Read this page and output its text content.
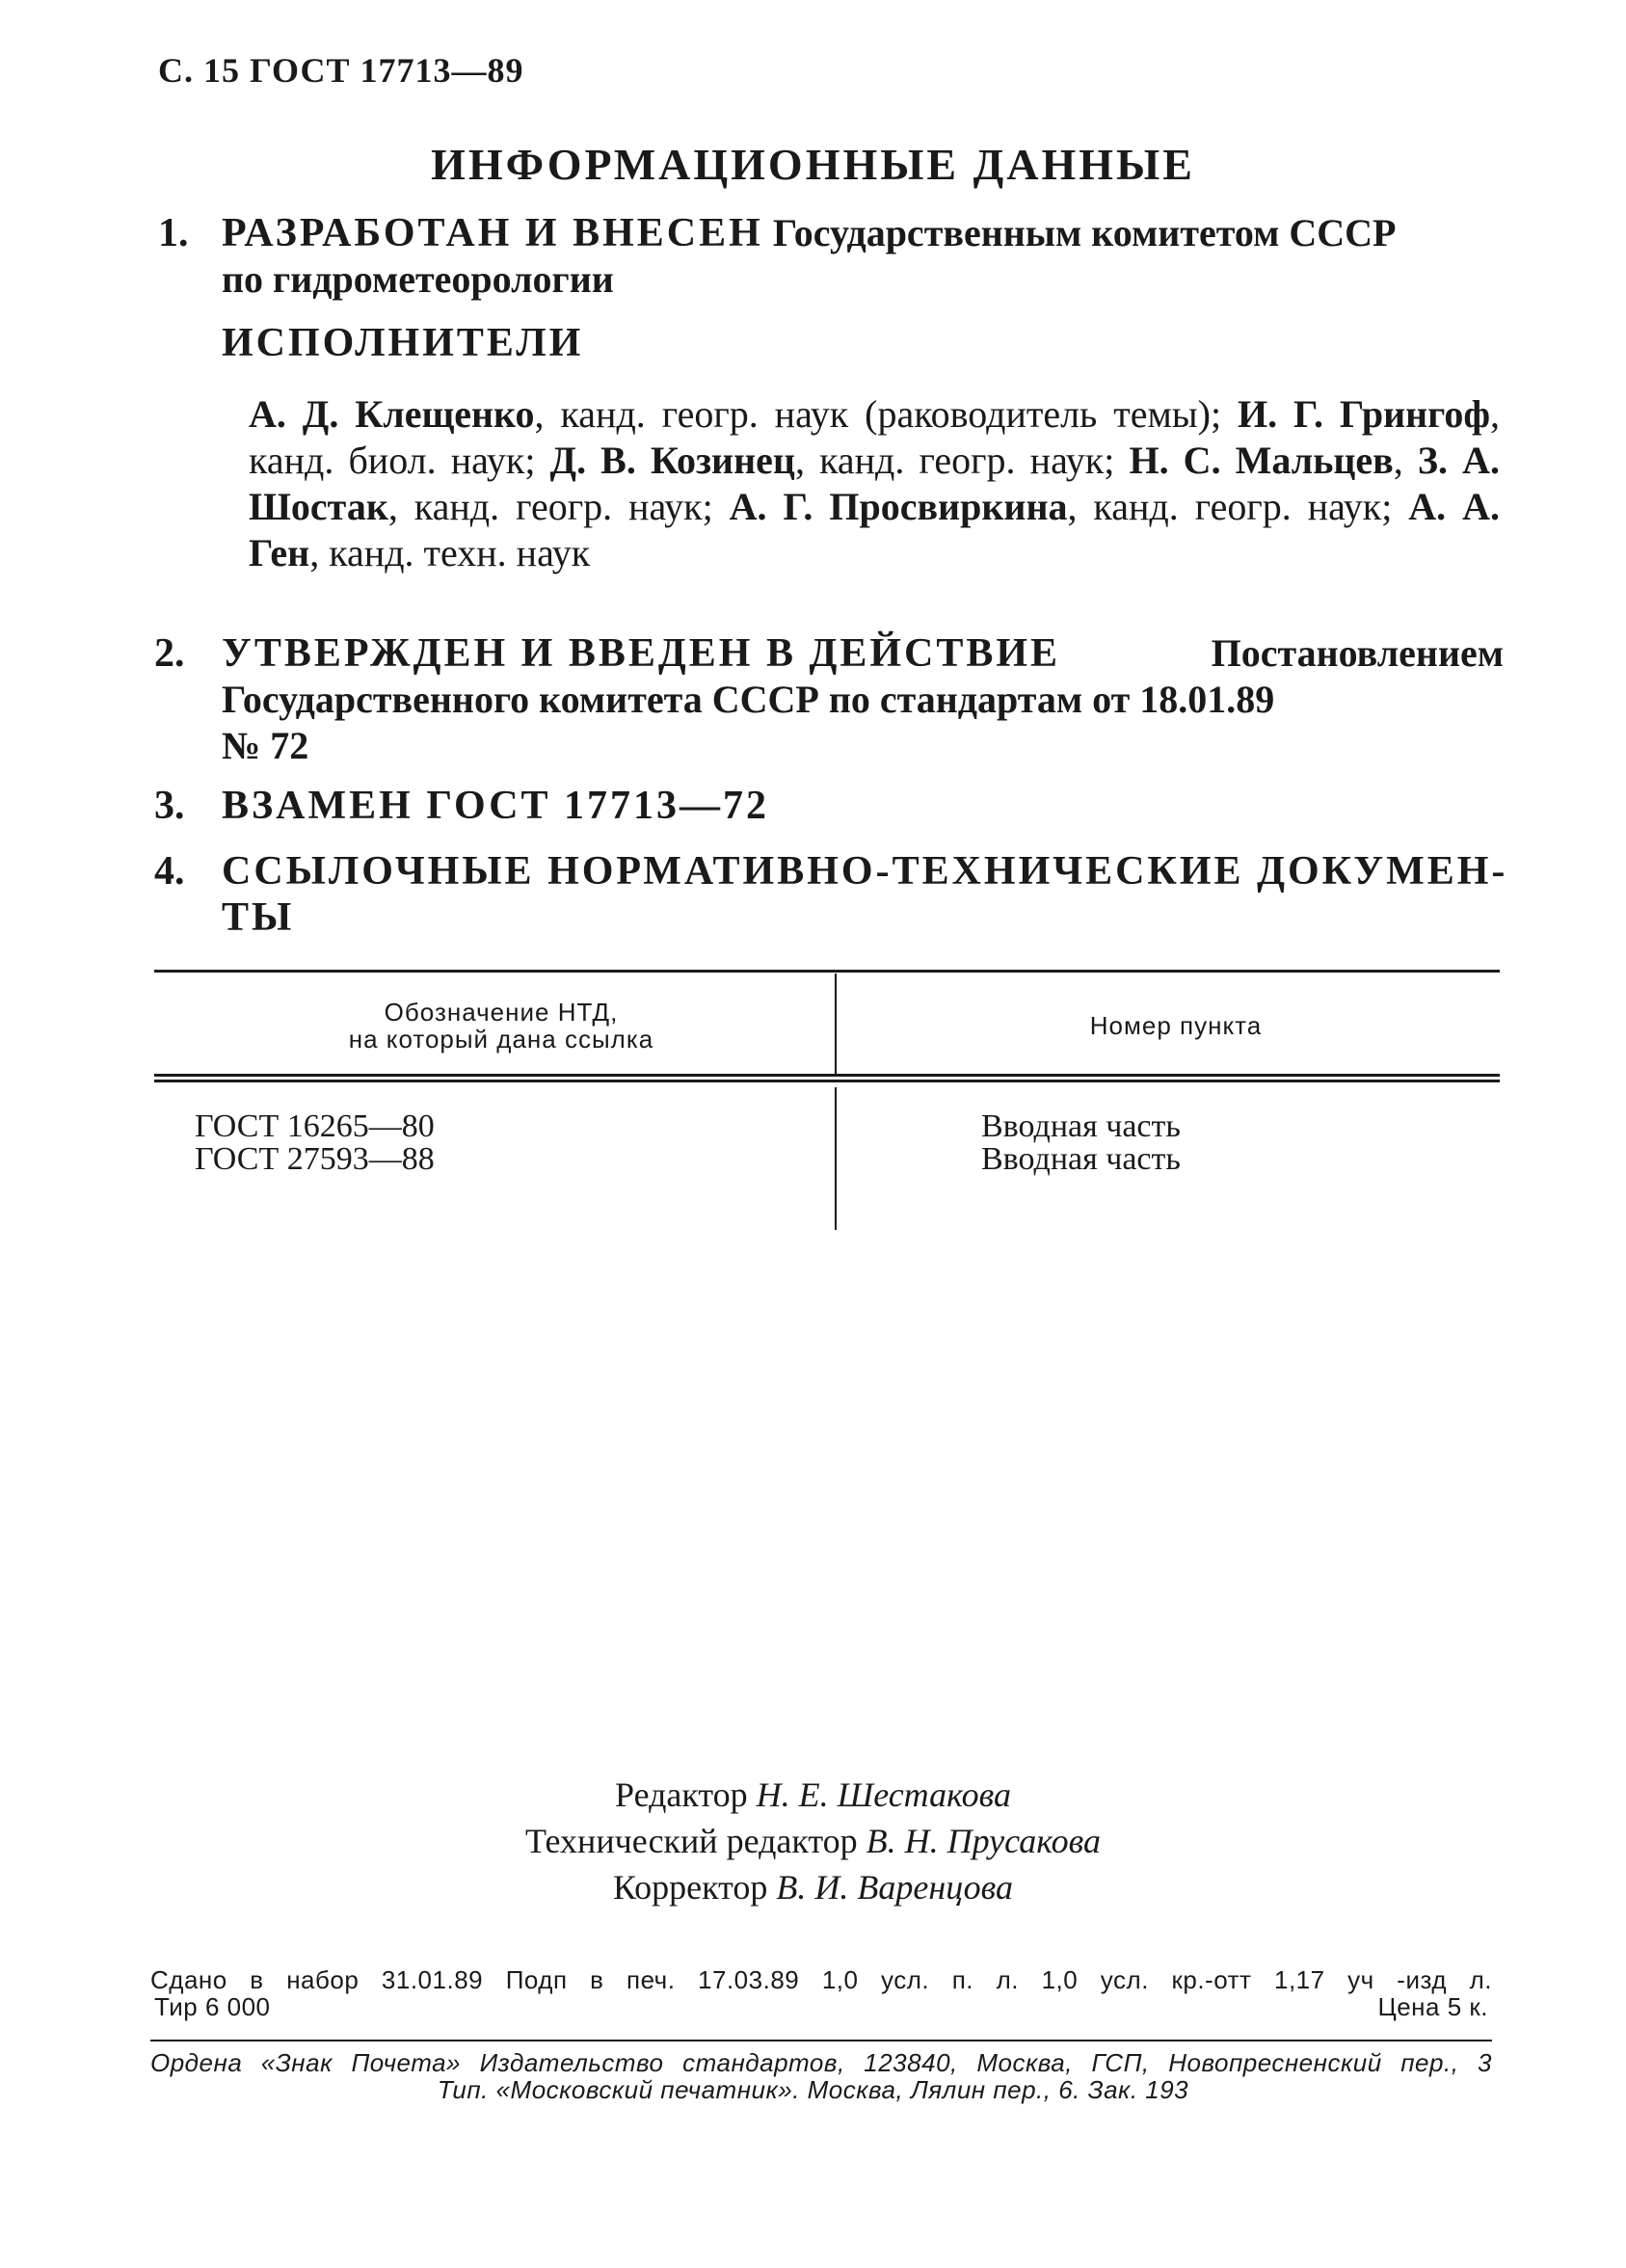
С. 15 ГОСТ 17713—89
ИНФОРМАЦИОННЫЕ ДАННЫЕ
1. РАЗРАБОТАН И ВНЕСЕН Государственным комитетом СССР
по гидрометеорологии
ИСПОЛНИТЕЛИ
А. Д. Клещенко, канд. геогр. наук (раководитель темы); И. Г. Грингоф, канд. биол. наук; Д. В. Козинец, канд. геогр. наук; Н. С. Мальцев, З. А. Шостак, канд. геогр. наук; А. Г. Просвиркина, канд. геогр. наук; А. А. Ген, канд. техн. наук
2. УТВЕРЖДЕН И ВВЕДЕН В ДЕЙСТВИЕ	Постановлением
Государственного комитета СССР по стандартам от 18.01.89
№ 72
3. ВЗАМЕН ГОСТ 17713—72
4. ССЫЛОЧНЫЕ НОРМАТИВНО-ТЕХНИЧЕСКИЕ ДОКУМЕН-
ТЫ
Обозначение НТД,
на который дана ссылка	Номер пункта
ГОСТ 16265—80	Вводная часть
ГОСТ 27593—88	Вводная часть
Редактор Н. Е. Шестакова
Технический редактор В. Н. Прусакова
Корректор В. И. Варенцова
Сдано в набор 31.01.89 Подп в печ. 17.03.89 1,0 усл. п. л. 1,0 усл. кр.-отт 1,17 уч -изд л.
Тир 6 000	Цена 5 к.
Ордена «Знак Почета» Издательство стандартов, 123840, Москва, ГСП, Новопресненский пер., 3
Тип. «Московский печатник». Москва, Лялин пер., 6. Зак. 193
